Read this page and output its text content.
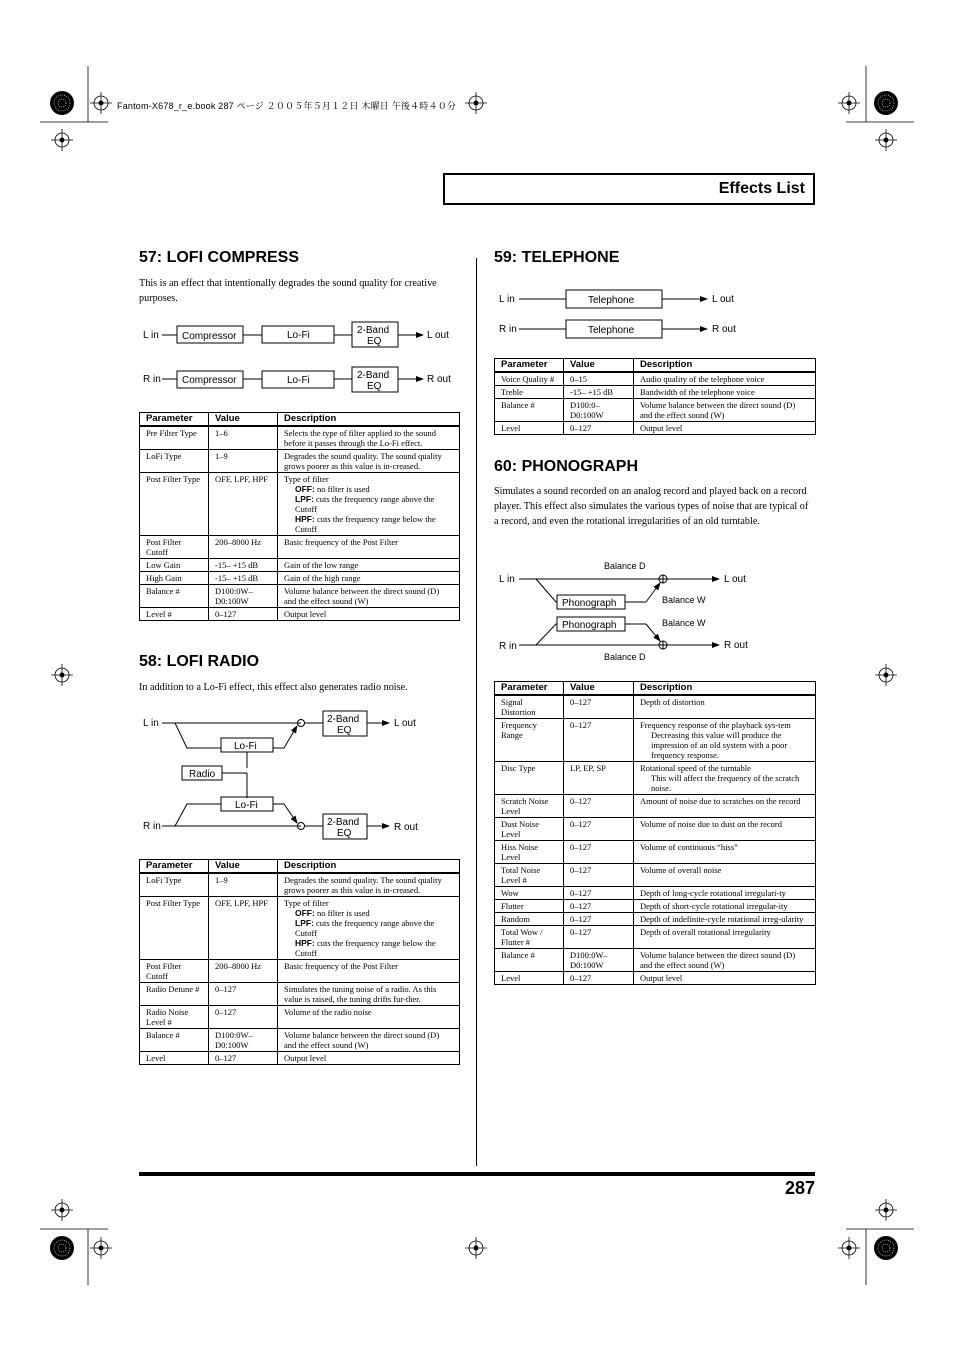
Fantom-X678_r_e.book 287 ページ ２００５年５月１２日 木曜日 午後４時４０分
Effects List
57: LOFI COMPRESS

This is an effect that intentionally degrades the sound quality for creative purposes.

L in Compressor	Lo-Fi	2-Band
EQ
L out
R in Compressor	Lo-Fi	2-Band
EQ
R out
Parameter	Value	Description
Pre Filter Type	1–6	Selects the type of filter applied to the sound before it passes through the Lo-Fi effect.
LoFi Type	1–9	Degrades the sound quality. The sound quality grows poorer as this value is in-creased.
Post Filter Type	OFF, LPF, HPF	Type of filter
OFF: no filter is used
LPF: cuts the frequency range above the Cutoff
HPF: cuts the frequency range below the Cutoff

Post Filter Cutoff	200–8000 Hz	Basic frequency of the Post Filter
Low Gain	-15– +15 dB	Gain of the low range
High Gain	-15– +15 dB	Gain of the high range
Balance #	D100:0W– D0:100W	Volume balance between the direct sound (D) and the effect sound (W)
Level #	0–127	Output level
58: LOFI RADIO

In addition to a Lo-Fi effect, this effect also generates radio noise.

L in
Lo-Fi
2-Band
EQ
L out
Radio
Lo-Fi
R in	2-Band
EQ
R out
Parameter	Value	Description
LoFi Type	1–9	Degrades the sound quality. The sound quality grows poorer as this value is in-creased.
Post Filter Type	OFF, LPF, HPF	Type of filter
OFF: no filter is used
LPF: cuts the frequency range above the Cutoff
HPF: cuts the frequency range below the Cutoff

Post Filter Cutoff	200–8000 Hz	Basic frequency of the Post Filter
Radio Detune #	0–127	Simulates the tuning noise of a radio. As this value is raised, the tuning drifts fur-ther.
Radio Noise Level #	0–127	Volume of the radio noise
Balance #	D100:0W– D0:100W	Volume balance between the direct sound (D) and the effect sound (W)
Level	0–127	Output level
59: TELEPHONE
L in	Telephone	L out
R in	Telephone	R out
Parameter	Value	Description
Voice Quality #	0–15	Audio quality of the telephone voice
Treble	-15– +15 dB	Bandwidth of the telephone voice
Balance #	D100:0– D0:100W	Volume balance between the direct sound (D) and the effect sound (W)
Level	0–127	Output level
60: PHONOGRAPH

Simulates a sound recorded on an analog record and played back on a record player. This effect also simulates the various types of noise that are typical of a record, and even the rotational irregularities of an old turntable.

Balance D
L in	L out
Phonograph	Balance W
Phonograph	Balance W
R in	R out
Balance D
Parameter	Value	Description
Signal Distortion	0–127	Depth of distortion
Frequency Range	0–127	Frequency response of the playback sys-tem
Decreasing this value will produce the impression of an old system with a poor frequency response.

Disc Type	LP, EP, SP	Rotational speed of the turntable
This will affect the frequency of the scratch noise.

Scratch Noise Level	0–127	Amount of noise due to scratches on the record
Dust Noise Level	0–127	Volume of noise due to dust on the record
Hiss Noise Level	0–127	Volume of continuous “hiss”
Total Noise Level #	0–127	Volume of overall noise
Wow	0–127	Depth of long-cycle rotational irregulari-ty
Flutter	0–127	Depth of short-cycle rotational irregular-ity
Random	0–127	Depth of indefinite-cycle rotational irreg-ularity
Total Wow / Flutter #	0–127	Depth of overall rotational irregularity
Balance #	D100:0W– D0:100W	Volume balance between the direct sound (D) and the effect sound (W)
Level	0–127	Output level
287
